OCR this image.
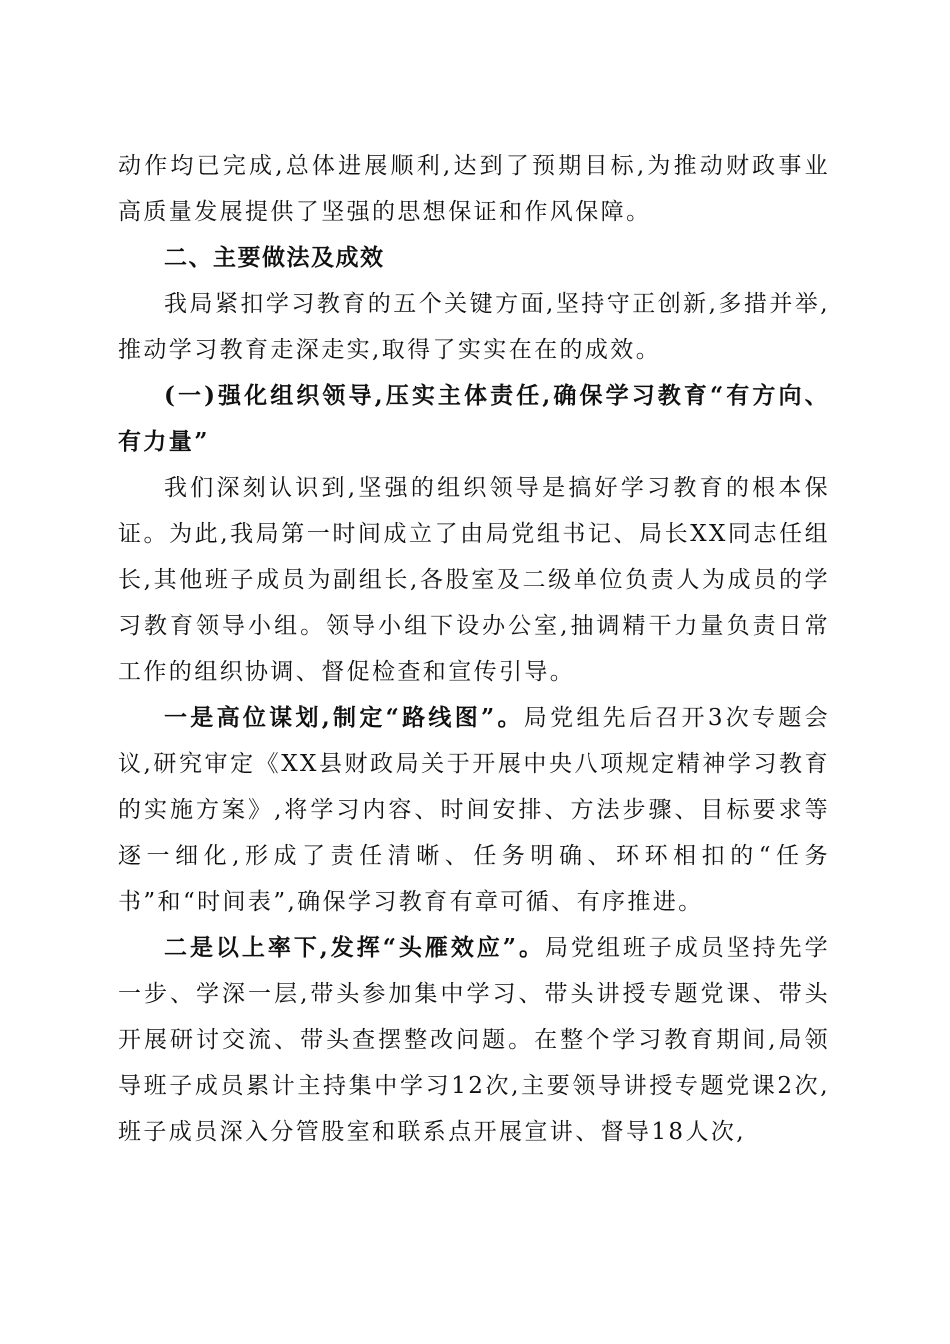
动作均已完成,总体进展顺利,达到了预期目标,为推动财政事业高质量发展提供了坚强的思想保证和作风保障。

二、主要做法及成效

我局紧扣学习教育的五个关键方面,坚持守正创新,多措并举,推动学习教育走深走实,取得了实实在在的成效。

(一)强化组织领导,压实主体责任,确保学习教育“有方向、有力量”

我们深刻认识到,坚强的组织领导是搞好学习教育的根本保证。为此,我局第一时间成立了由局党组书记、局长XX同志任组长,其他班子成员为副组长,各股室及二级单位负责人为成员的学习教育领导小组。领导小组下设办公室,抽调精干力量负责日常工作的组织协调、督促检查和宣传引导。

一是高位谋划,制定“路线图”。局党组先后召开3次专题会议,研究审定《XX县财政局关于开展中央八项规定精神学习教育的实施方案》,将学习内容、时间安排、方法步骤、目标要求等逐一细化,形成了责任清晰、任务明确、环环相扣的“任务书”和“时间表”,确保学习教育有章可循、有序推进。

二是以上率下,发挥“头雁效应”。局党组班子成员坚持先学一步、学深一层,带头参加集中学习、带头讲授专题党课、带头开展研讨交流、带头查摆整改问题。在整个学习教育期间,局领导班子成员累计主持集中学习12次,主要领导讲授专题党课2次,班子成员深入分管股室和联系点开展宣讲、督导18人次,
